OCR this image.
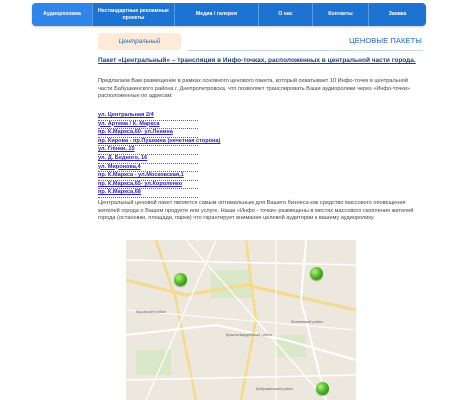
Аудиореклама
Нестандартные рекламные проекты
Медиа / галерея	О нас	Контакты	Заявка
Центральный	ЦЕНОВЫЕ ПАКЕТЫ
Пакет «Центральный» – трансляция в Инфо-точках, расположенных в центральной части города.
Предлагаем Вам размещение в рамках основного ценового пакета, который охватывает 10 Инфо-точек в центральной части Бабушкинского района г. Днепропетровска, что позволяет транслировать Ваши аудиоролики через «Инфо-точки» расположенные по адресам:
ул. Центральная 2/4
ул. Артема / К. Маркса
пр. К.Маркса,60- ул.Ленина
пр. Кирова - пр.Пушкина (нечетная сторона)
ул. Глінки, 15
ул. Д. Бедного, 16
ул. Миронова,4
пр. К.Маркса - ул.Московская,1
пр. К.Маркса,65- ул.Короленко
пр. К.Маркса,68
Центральный ценовой пакет является самым оптимальным для Вашего бизнеса как средство массового оповещения жителей города о Вашем продукте или услуге. Наши «Инфо - точки» размещены в местах массового скопления жителей города (остановки, площади, парки) что гарантирует внимание целевой аудитории к вашему аудиоролику.
Красногвардейский район
Бабушкинский район
Кировский район
Жовтневый район
